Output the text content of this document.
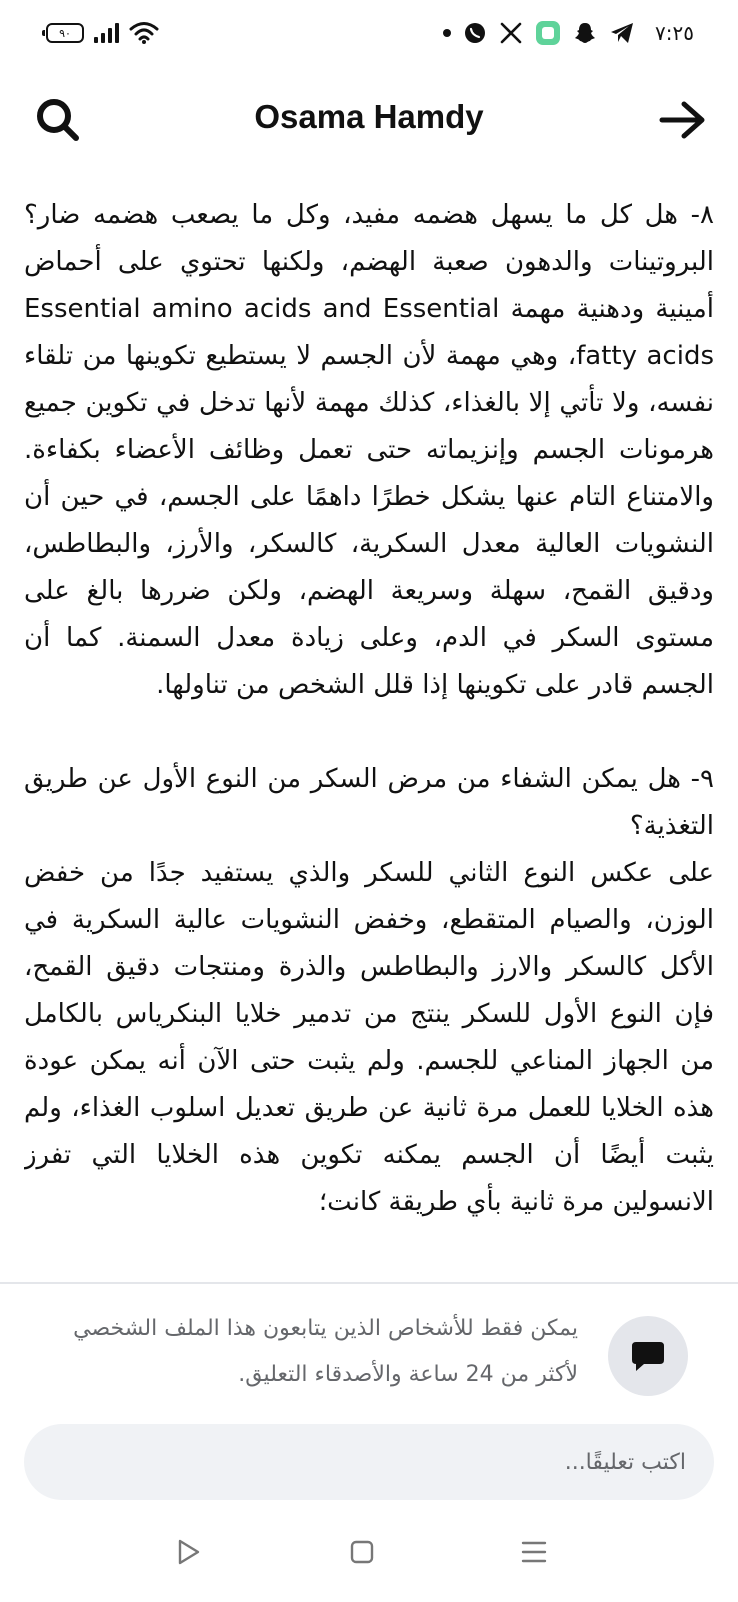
٩٠	٧:٢٥
Osama Hamdy

٨- هل كل ما يسهل هضمه مفيد، وكل ما يصعب هضمه ضار؟ البروتينات والدهون صعبة الهضم، ولكنها تحتوي على أحماض أمينية ودهنية مهمة Essential amino acids and Essential fatty acids، وهي مهمة لأن الجسم لا يستطيع تكوينها من تلقاء نفسه، ولا تأتي إلا بالغذاء، كذلك مهمة لأنها تدخل في تكوين جميع هرمونات الجسم وإنزيماته حتى تعمل وظائف الأعضاء بكفاءة. والامتناع التام عنها يشكل خطرًا داهمًا على الجسم، في حين أن النشويات العالية معدل السكرية، كالسكر، والأرز، والبطاطس، ودقيق القمح، سهلة وسريعة الهضم، ولكن ضررها بالغ على مستوى السكر في الدم، وعلى زيادة معدل السمنة. كما أن الجسم قادر على تكوينها إذا قلل الشخص من تناولها.

٩- هل يمكن الشفاء من مرض السكر من النوع الأول عن طريق التغذية؟

على عكس النوع الثاني للسكر والذي يستفيد جدًا من خفض الوزن، والصيام المتقطع، وخفض النشويات عالية السكرية في الأكل كالسكر والارز والبطاطس والذرة ومنتجات دقيق القمح، فإن النوع الأول للسكر ينتج من تدمير خلايا البنكرياس بالكامل من الجهاز المناعي للجسم. ولم يثبت حتى الآن أنه يمكن عودة هذه الخلايا للعمل مرة ثانية عن طريق تعديل اسلوب الغذاء، ولم يثبت أيضًا أن الجسم يمكنه تكوين هذه الخلايا التي تفرز الانسولين مرة ثانية بأي طريقة كانت؛

يمكن فقط للأشخاص الذين يتابعون هذا الملف الشخصي لأكثر من 24 ساعة والأصدقاء التعليق.
اكتب تعليقًا...
